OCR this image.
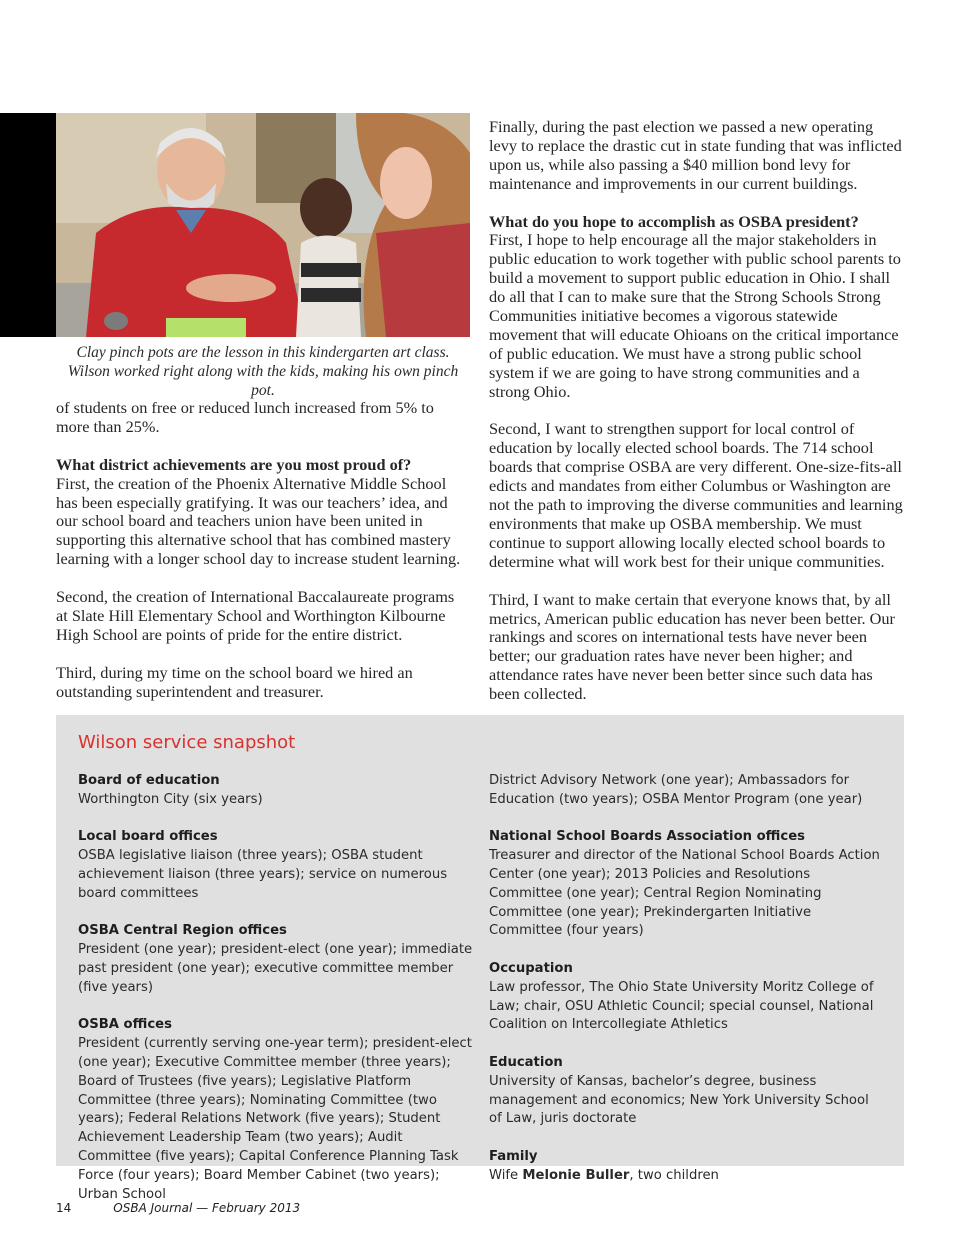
Clay pinch pots are the lesson in this kindergarten art class. Wilson worked right along with the kids, making his own pinch pot.

of students on free or reduced lunch increased from 5% to more than 25%.

What district achievements are you most proud of?

First, the creation of the Phoenix Alternative Middle School has been especially gratifying. It was our teachers’ idea, and our school board and teachers union have been united in supporting this alternative school that has combined mastery learning with a longer school day to increase student learning.

Second, the creation of International Baccalaureate programs at Slate Hill Elementary School and Worthington Kilbourne High School are points of pride for the entire district.

Third, during my time on the school board we hired an outstanding superintendent and treasurer.

Finally, during the past election we passed a new operating levy to replace the drastic cut in state funding that was inflicted upon us, while also passing a $40 million bond levy for maintenance and improvements in our current buildings.

What do you hope to accomplish as OSBA president?

First, I hope to help encourage all the major stakeholders in public education to work together with public school parents to build a movement to support public education in Ohio. I shall do all that I can to make sure that the Strong Schools Strong Communities initiative becomes a vigorous statewide movement that will educate Ohioans on the critical importance of public education. We must have a strong public school system if we are going to have strong communities and a strong Ohio.

Second, I want to strengthen support for local control of education by locally elected school boards. The 714 school boards that comprise OSBA are very different. One-size-fits-all edicts and mandates from either Columbus or Washington are not the path to improving the diverse communities and learning environments that make up OSBA membership. We must continue to support allowing locally elected school boards to determine what will work best for their unique communities.

Third, I want to make certain that everyone knows that, by all metrics, American public education has never been better. Our rankings and scores on international tests have never been better; our graduation rates have never been higher; and attendance rates have never been better since such data has been collected.

Wilson service snapshot
Board of education
Worthington City (six years)
Local board offices
OSBA legislative liaison (three years); OSBA student achievement liaison (three years); service on numerous board committees
OSBA Central Region offices
President (one year); president-elect (one year); immediate past president (one year); executive committee member (five years)
OSBA offices
President (currently serving one-year term); president-elect (one year); Executive Committee member (three years); Board of Trustees (five years); Legislative Platform Committee (three years); Nominating Committee (two years); Federal Relations Network (five years); Student Achievement Leadership Team (two years); Audit Committee (five years); Capital Conference Planning Task Force (four years); Board Member Cabinet (two years); Urban School
District Advisory Network (one year); Ambassadors for Education (two years); OSBA Mentor Program (one year)
National School Boards Association offices
Treasurer and director of the National School Boards Action Center (one year); 2013 Policies and Resolutions Committee (one year); Central Region Nominating Committee (one year); Prekindergarten Initiative Committee (four years)
Occupation
Law professor, The Ohio State University Moritz College of Law; chair, OSU Athletic Council; special counsel, National Coalition on Intercollegiate Athletics
Education
University of Kansas, bachelor’s degree, business management and economics; New York University School of Law, juris doctorate
Family
Wife Melonie Buller, two children
14	OSBA Journal — February 2013
